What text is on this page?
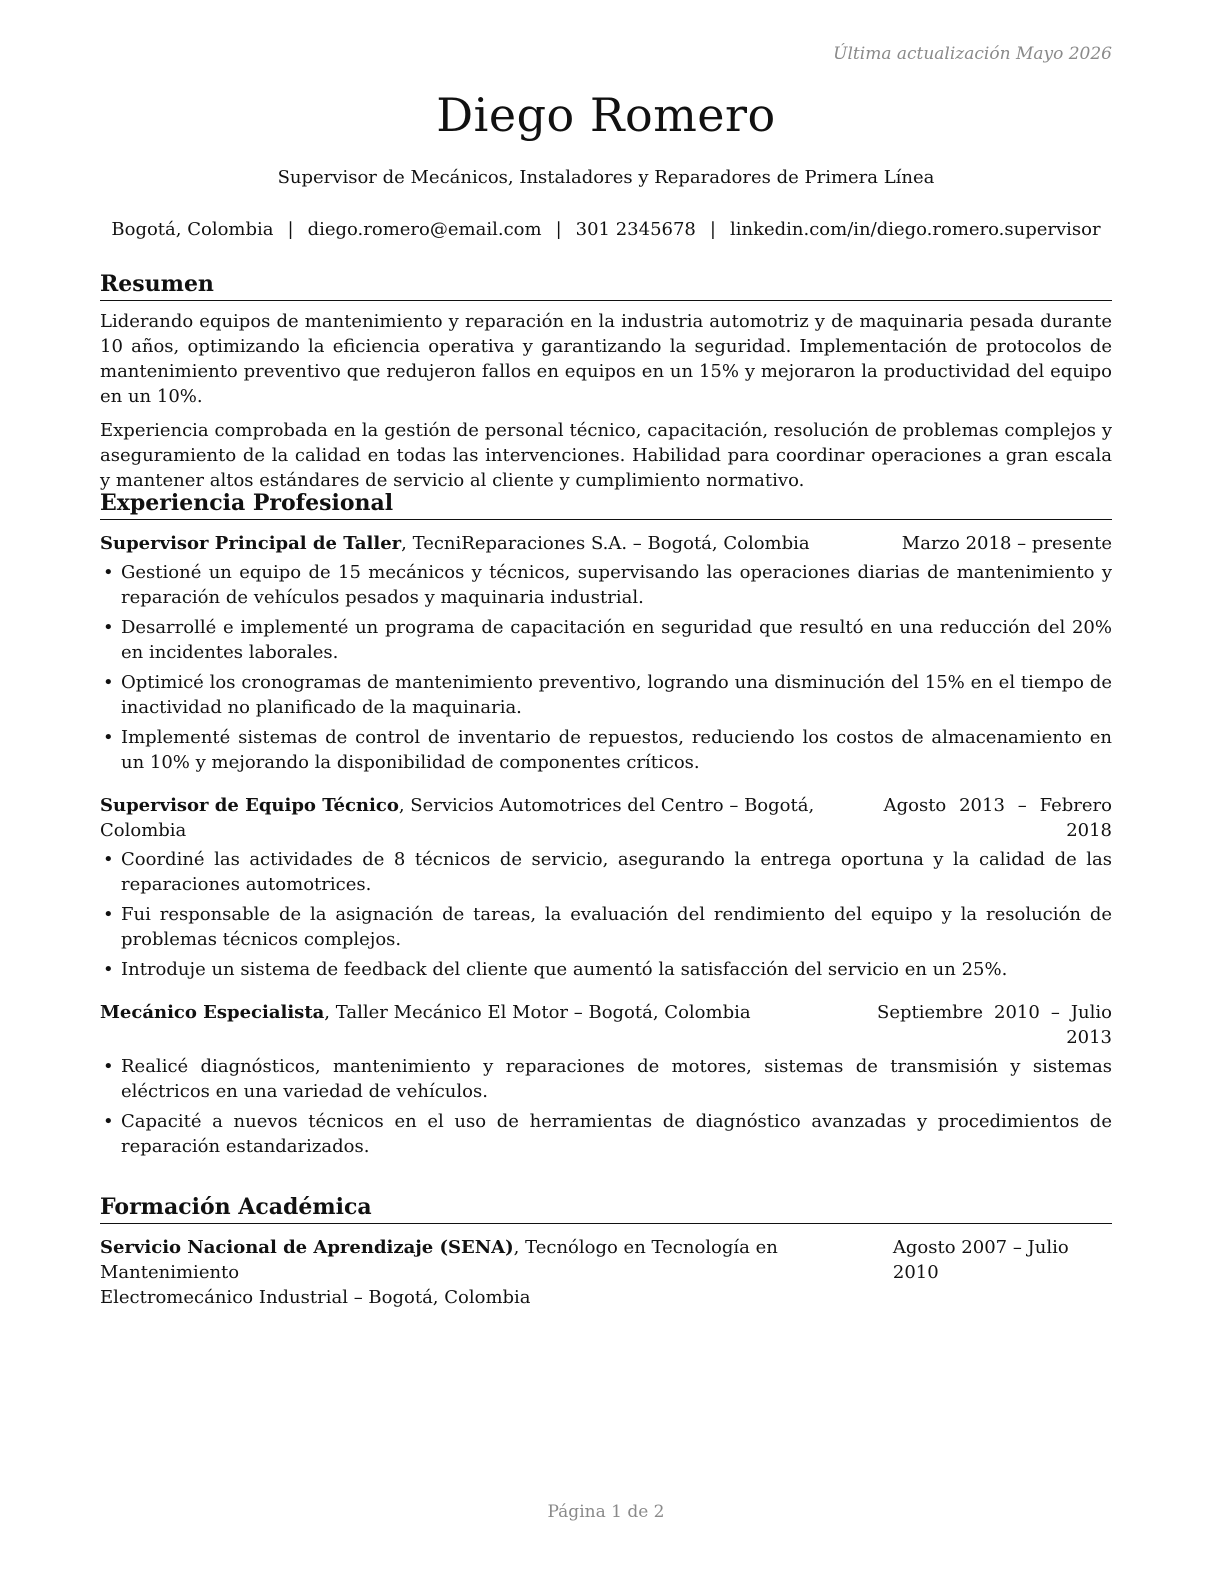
Última actualización Mayo 2026
Diego Romero
Supervisor de Mecánicos, Instaladores y Reparadores de Primera Línea
Bogotá, Colombia | diego.romero@email.com | 301 2345678 | linkedin.com/in/diego.romero.supervisor
Resumen

Liderando equipos de mantenimiento y reparación en la industria automotriz y de maquinaria pesada durante 10 años, optimizando la eficiencia operativa y garantizando la seguridad. Implementación de protocolos de mantenimiento preventivo que redujeron fallos en equipos en un 15% y mejoraron la productividad del equipo en un 10%.

Experiencia comprobada en la gestión de personal técnico, capacitación, resolución de problemas complejos y aseguramiento de la calidad en todas las intervenciones. Habilidad para coordinar operaciones a gran escala y mantener altos estándares de servicio al cliente y cumplimiento normativo.

Experiencia Profesional
Supervisor Principal de Taller, TecniReparaciones S.A. – Bogotá, Colombia	Marzo 2018 – presente
• Gestioné un equipo de 15 mecánicos y técnicos, supervisando las operaciones diarias de mantenimiento y reparación de vehículos pesados y maquinaria industrial.
• Desarrollé e implementé un programa de capacitación en seguridad que resultó en una reducción del 20% en incidentes laborales.
• Optimicé los cronogramas de mantenimiento preventivo, logrando una disminución del 15% en el tiempo de inactividad no planificado de la maquinaria.
• Implementé sistemas de control de inventario de repuestos, reduciendo los costos de almacenamiento en un 10% y mejorando la disponibilidad de componentes críticos.
Supervisor de Equipo Técnico, Servicios Automotrices del Centro – Bogotá, Colombia
Agosto 2013 – Febrero 2018
• Coordiné las actividades de 8 técnicos de servicio, asegurando la entrega oportuna y la calidad de las reparaciones automotrices.
• Fui responsable de la asignación de tareas, la evaluación del rendimiento del equipo y la resolución de problemas técnicos complejos.
• Introduje un sistema de feedback del cliente que aumentó la satisfacción del servicio en un 25%.
Mecánico Especialista, Taller Mecánico El Motor – Bogotá, Colombia	Septiembre 2010 – Julio 2013
• Realicé diagnósticos, mantenimiento y reparaciones de motores, sistemas de transmisión y sistemas eléctricos en una variedad de vehículos.
• Capacité a nuevos técnicos en el uso de herramientas de diagnóstico avanzadas y procedimientos de reparación estandarizados.
Formación Académica
Servicio Nacional de Aprendizaje (SENA), Tecnólogo en Tecnología en Mantenimiento
Agosto 2007 – Julio 2010
Electromecánico Industrial – Bogotá, Colombia
Página 1 de 2
